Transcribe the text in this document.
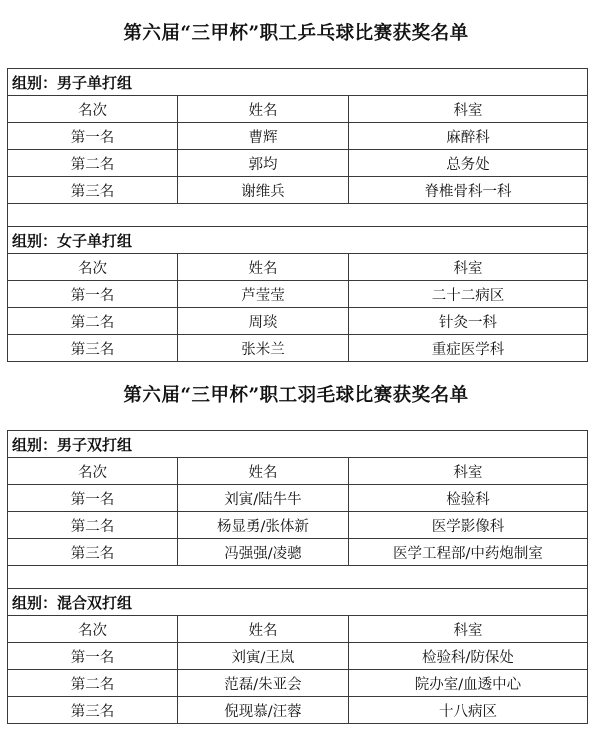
第六届“三甲杯”职工乒乓球比赛获奖名单
组别：男子单打组		
名次	姓名	科室
第一名	曹辉	麻醉科
第二名	郭均	总务处
第三名	谢维兵	脊椎骨科一科

组别：女子单打组		
名次	姓名	科室
第一名	芦莹莹	二十二病区
第二名	周琰	针灸一科
第三名	张米兰	重症医学科
第六届“三甲杯”职工羽毛球比赛获奖名单
组别：男子双打组		
名次	姓名	科室
第一名	刘寅/陆牛牛	检验科
第二名	杨显勇/张体新	医学影像科
第三名	冯强强/凌骢	医学工程部/中药炮制室

组别：混合双打组		
名次	姓名	科室
第一名	刘寅/王岚	检验科/防保处
第二名	范磊/朱亚会	院办室/血透中心
第三名	倪现慕/汪蓉	十八病区
